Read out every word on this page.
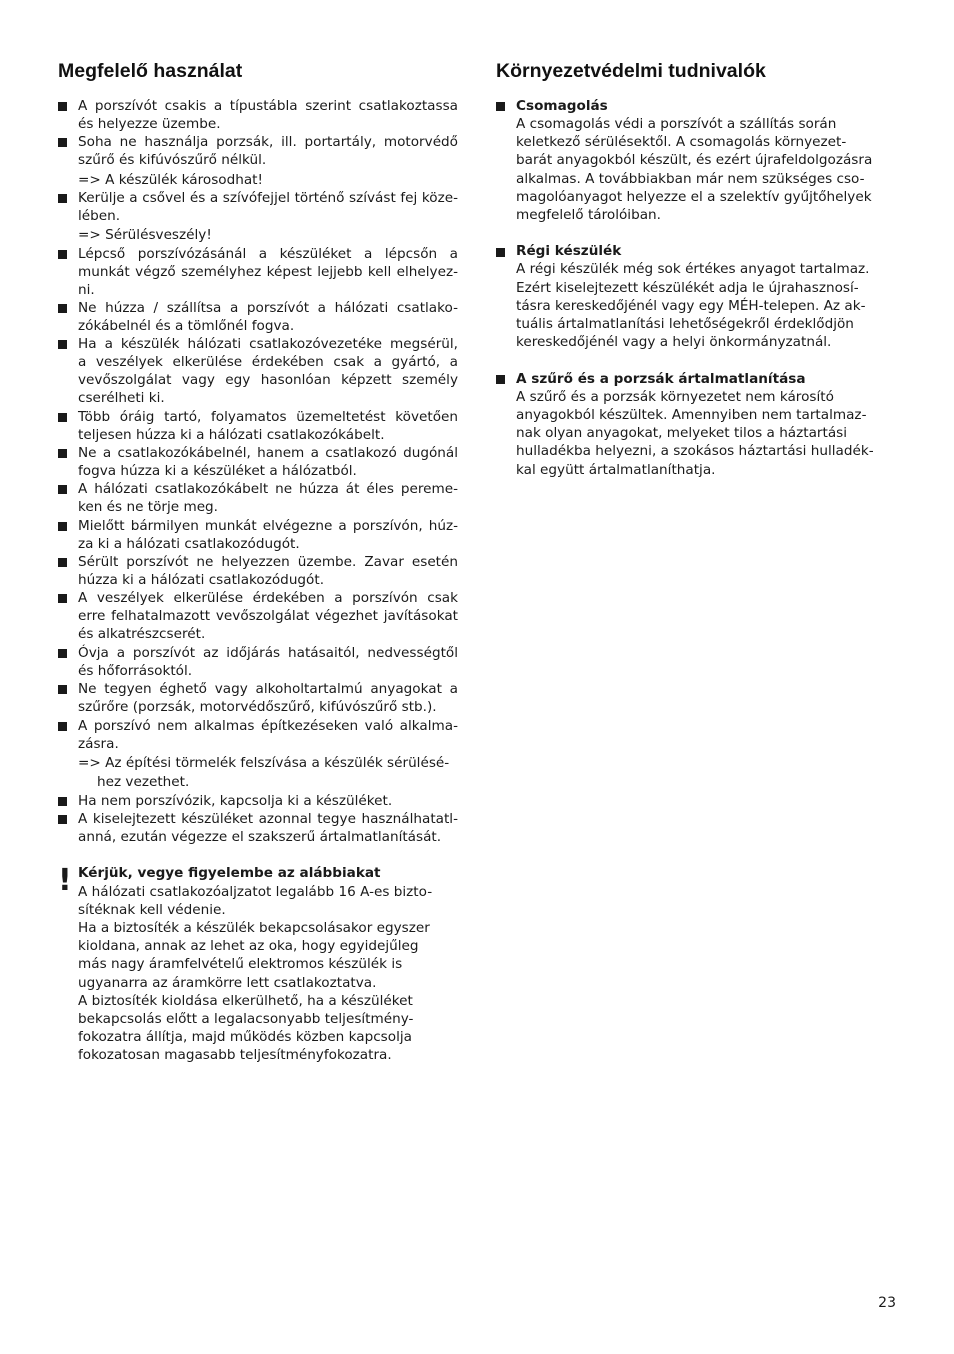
Megfelelő használat

A porszívót csakis a típustábla szerint csatlakoztassa

és helyezze üzembe.

Soha ne használja porzsák, ill. portartály, motorvédő

szűrő és kifúvószűrő nélkül.

=> A készülék károsodhat!

Kerülje a csővel és a szívófejjel történő szívást fej köze-

lében.

=> Sérülésveszély!

Lépcső porszívózásánál a készüléket a lépcsőn a

munkát végző személyhez képest lejjebb kell elhelyez-

ni.

Ne húzza / szállítsa a porszívót a hálózati csatlako-

zókábelnél és a tömlőnél fogva.

Ha a készülék hálózati csatlakozóvezetéke megsérül,

a veszélyek elkerülése érdekében csak a gyártó, a

vevőszolgálat vagy egy hasonlóan képzett személy

cserélheti ki.

Több óráig tartó, folyamatos üzemeltetést követően

teljesen húzza ki a hálózati csatlakozókábelt.

Ne a csatlakozókábelnél, hanem a csatlakozó dugónál

fogva húzza ki a készüléket a hálózatból.

A hálózati csatlakozókábelt ne húzza át éles pereme-

ken és ne törje meg.

Mielőtt bármilyen munkát elvégezne a porszívón, húz-

za ki a hálózati csatlakozódugót.

Sérült porszívót ne helyezzen üzembe. Zavar esetén

húzza ki a hálózati csatlakozódugót.

A veszélyek elkerülése érdekében a porszívón csak

erre felhatalmazott vevőszolgálat végezhet javításokat

és alkatrészcserét.

Óvja a porszívót az időjárás hatásaitól, nedvességtől

és hőforrásoktól.

Ne tegyen éghető vagy alkoholtartalmú anyagokat a

szűrőre (porzsák, motorvédőszűrő, kifúvószűrő stb.).

A porszívó nem alkalmas építkezéseken való alkalma-

zásra.

=> Az építési törmelék felszívása a készülék sérülésé-

hez vezethet.

Ha nem porszívózik, kapcsolja ki a készüléket.

A kiselejtezett készüléket azonnal tegye használhatatl-

anná, ezután végezze el szakszerű ártalmatlanítását.

! Kérjük, vegye figyelembe az alábbiakat

A hálózati csatlakozóaljzatot legalább 16 A-es bizto-

sítéknak kell védenie.

Ha a biztosíték a készülék bekapcsolásakor egyszer

kioldana, annak az lehet az oka, hogy egyidejűleg

más nagy áramfelvételű elektromos készülék is

ugyanarra az áramkörre lett csatlakoztatva.

A biztosíték kioldása elkerülhető, ha a készüléket

bekapcsolás előtt a legalacsonyabb teljesítmény-

fokozatra állítja, majd működés közben kapcsolja

fokozatosan magasabb teljesítményfokozatra.

Környezetvédelmi tudnivalók

Csomagolás

A csomagolás védi a porszívót a szállítás során

keletkező sérülésektől. A csomagolás környezet-

barát anyagokból készült, és ezért újrafeldolgozásra

alkalmas. A továbbiakban már nem szükséges cso-

magolóanyagot helyezze el a szelektív gyűjtőhelyek

megfelelő tárolóiban.

Régi készülék

A régi készülék még sok értékes anyagot tartalmaz.

Ezért kiselejtezett készülékét adja le újrahasznosí-

tásra kereskedőjénél vagy egy MÉH-telepen. Az ak-

tuális ártalmatlanítási lehetőségekről érdeklődjön

kereskedőjénél vagy a helyi önkormányzatnál.

A szűrő és a porzsák ártalmatlanítása

A szűrő és a porzsák környezetet nem károsító

anyagokból készültek. Amennyiben nem tartalmaz-

nak olyan anyagokat, melyeket tilos a háztartási

hulladékba helyezni, a szokásos háztartási hulladék-

kal együtt ártalmatlaníthatja.

23
